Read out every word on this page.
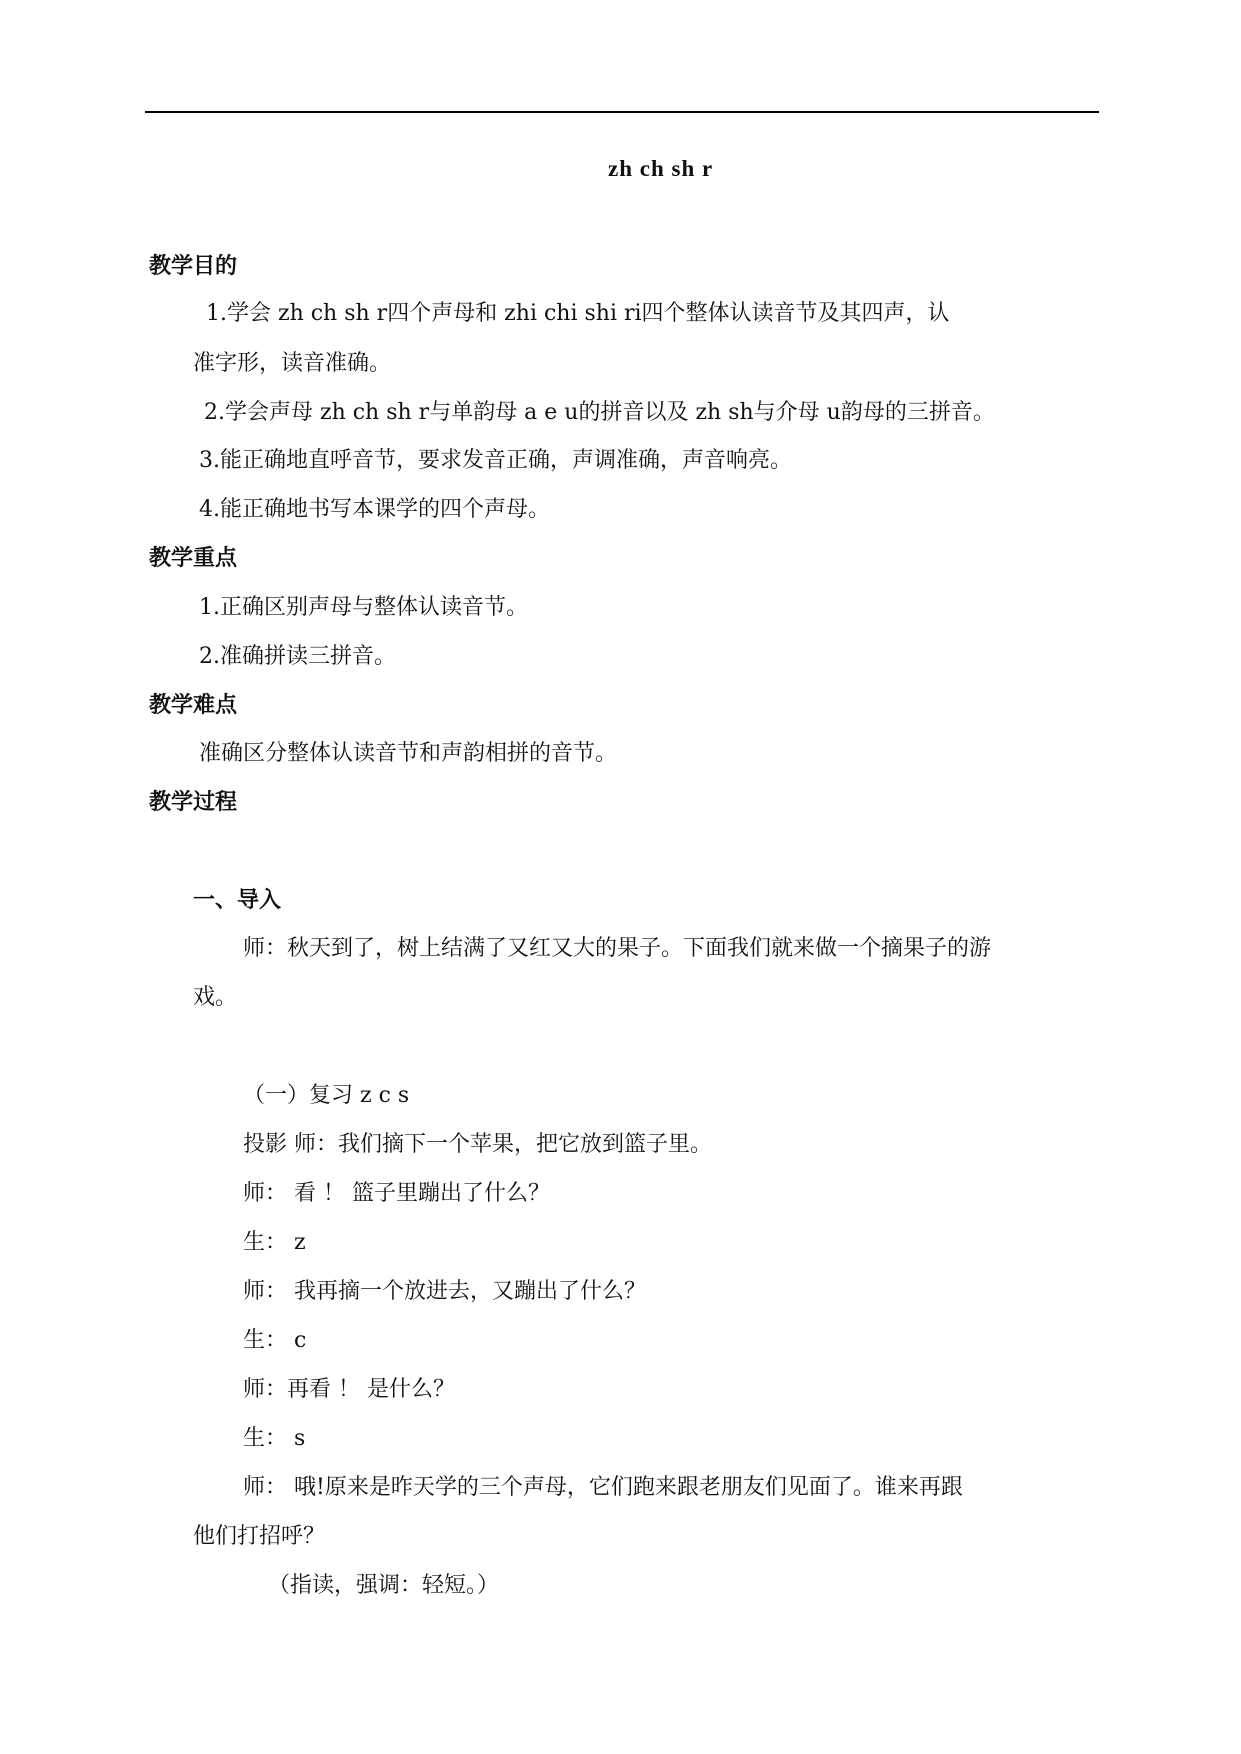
zh ch sh r
教学目的
1.学会 zh ch sh r四个声母和 zhi chi shi ri四个整体认读音节及其四声，认
准字形，读音准确。
2.学会声母 zh ch sh r与单韵母 a e u的拼音以及 zh sh与介母 u韵母的三拼音。
3.能正确地直呼音节，要求发音正确，声调准确，声音响亮。
4.能正确地书写本课学的四个声母。
教学重点
1.正确区别声母与整体认读音节。
2.准确拼读三拼音。
教学难点
准确区分整体认读音节和声韵相拼的音节。
教学过程
一、导入
师：秋天到了，树上结满了又红又大的果子。下面我们就来做一个摘果子的游
戏。
（一）复习 z c s
投影 师：我们摘下一个苹果，把它放到篮子里。
师： 看 ！ 篮子里蹦出了什么？
生： z
师： 我再摘一个放进去，又蹦出了什么？
生： c
师：再看 ！ 是什么？
生： s
师： 哦!原来是昨天学的三个声母，它们跑来跟老朋友们见面了。谁来再跟
他们打招呼？
（指读，强调：轻短。）
